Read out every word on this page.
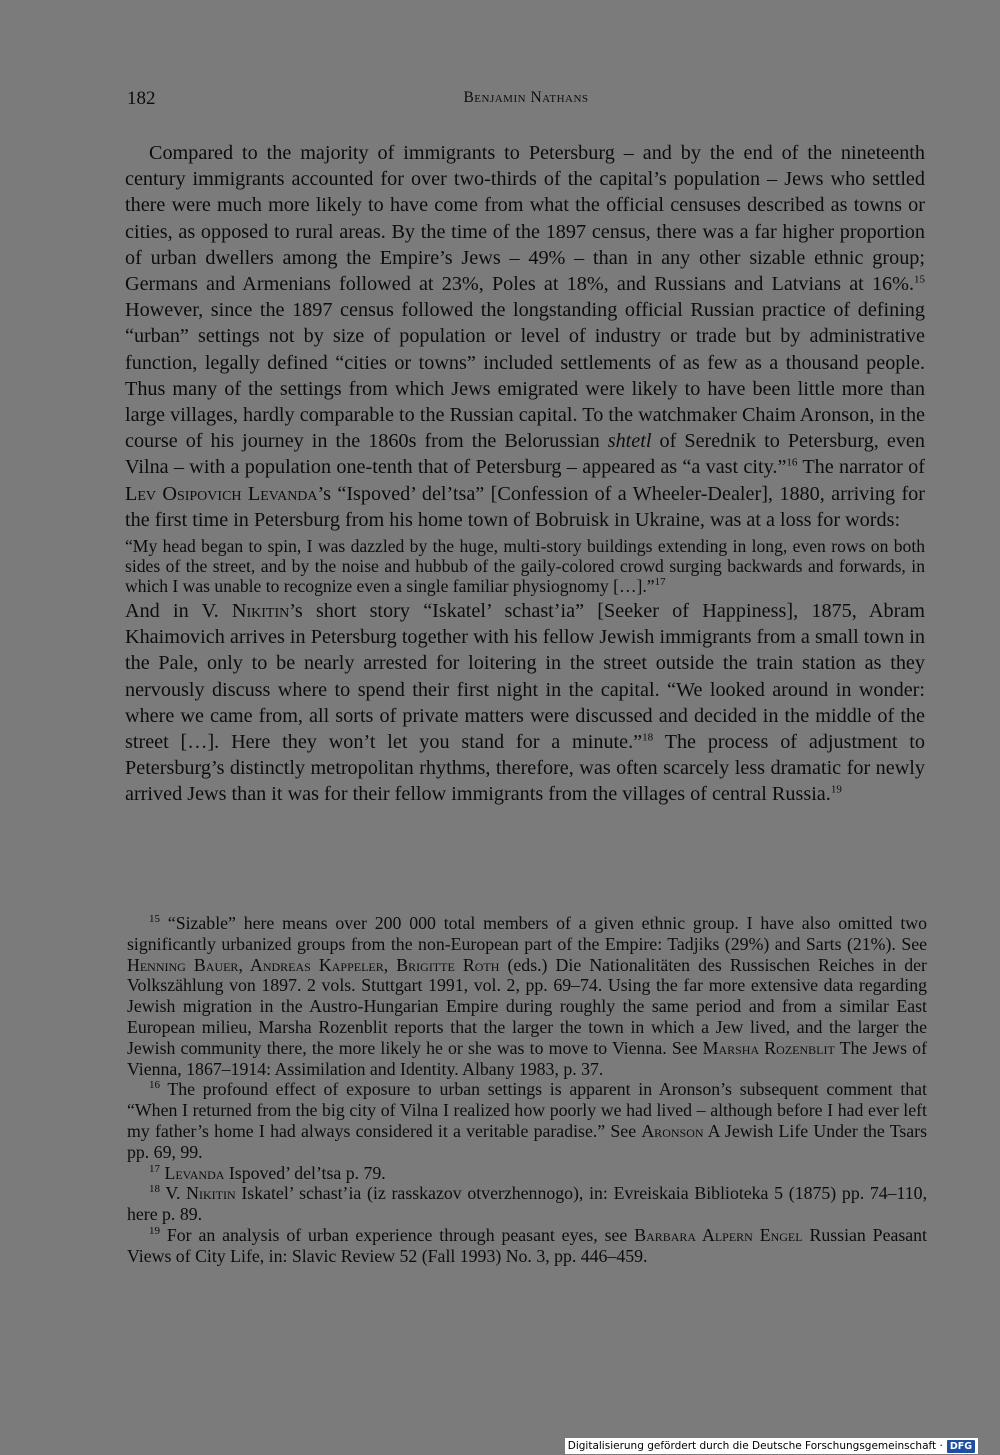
182	Benjamin Nathans

Compared to the majority of immigrants to Petersburg – and by the end of the nineteenth century immigrants accounted for over two-thirds of the capital’s population – Jews who settled there were much more likely to have come from what the official censuses described as towns or cities, as opposed to rural areas. By the time of the 1897 census, there was a far higher proportion of urban dwellers among the Empire’s Jews – 49% – than in any other sizable ethnic group; Germans and Armenians followed at 23%, Poles at 18%, and Russians and Latvians at 16%.$^{15}$ However, since the 1897 census followed the longstanding official Russian practice of defining “urban” settings not by size of population or level of industry or trade but by administrative function, legally defined “cities or towns” included settlements of as few as a thousand people. Thus many of the settings from which Jews emigrated were likely to have been little more than large villages, hardly comparable to the Russian capital. To the watchmaker Chaim Aronson, in the course of his journey in the 1860s from the Belorussian shtetl of Serednik to Petersburg, even Vilna – with a population one-tenth that of Petersburg – appeared as “a vast city.”$^{16}$ The narrator of Lev Osipovich Levanda’s “Ispoved’ del’tsa” [Confession of a Wheeler-Dealer], 1880, arriving for the first time in Petersburg from his home town of Bobruisk in Ukraine, was at a loss for words:

“My head began to spin, I was dazzled by the huge, multi-story buildings extending in long, even rows on both sides of the street, and by the noise and hubbub of the gaily-colored crowd surging backwards and forwards, in which I was unable to recognize even a single familiar physiognomy […].”$^{17}$

And in V. Nikitin’s short story “Iskatel’ schast’ia” [Seeker of Happiness], 1875, Abram Khaimovich arrives in Petersburg together with his fellow Jewish immigrants from a small town in the Pale, only to be nearly arrested for loitering in the street outside the train station as they nervously discuss where to spend their first night in the capital. “We looked around in wonder: where we came from, all sorts of private matters were discussed and decided in the middle of the street […]. Here they won’t let you stand for a minute.”$^{18}$ The process of adjustment to Petersburg’s distinctly metropolitan rhythms, therefore, was often scarcely less dramatic for newly arrived Jews than it was for their fellow immigrants from the villages of central Russia.$^{19}$

$^{15}$ “Sizable” here means over 200 000 total members of a given ethnic group. I have also omitted two significantly urbanized groups from the non-European part of the Empire: Tadjiks (29%) and Sarts (21%). See Henning Bauer, Andreas Kappeler, Brigitte Roth (eds.) Die Nationalitäten des Russischen Reiches in der Volkszählung von 1897. 2 vols. Stuttgart 1991, vol. 2, pp. 69–74. Using the far more extensive data regarding Jewish migration in the Austro-Hungarian Empire during roughly the same period and from a similar East European milieu, Marsha Rozenblit reports that the larger the town in which a Jew lived, and the larger the Jewish community there, the more likely he or she was to move to Vienna. See Marsha Rozenblit The Jews of Vienna, 1867–1914: Assimilation and Identity. Albany 1983, p. 37.

$^{16}$ The profound effect of exposure to urban settings is apparent in Aronson’s subsequent comment that “When I returned from the big city of Vilna I realized how poorly we had lived – although before I had ever left my father’s home I had always considered it a veritable paradise.” See Aronson A Jewish Life Under the Tsars pp. 69, 99.

$^{17}$ Levanda Ispoved’ del’tsa p. 79.

$^{18}$ V. Nikitin Iskatel’ schast’ia (iz rasskazov otverzhennogo), in: Evreiskaia Biblioteka 5 (1875) pp. 74–110, here p. 89.

$^{19}$ For an analysis of urban experience through peasant eyes, see Barbara Alpern Engel Russian Peasant Views of City Life, in: Slavic Review 52 (Fall 1993) No. 3, pp. 446–459.

Digitalisierung gefördert durch die Deutsche Forschungsgemeinschaft · DFG
